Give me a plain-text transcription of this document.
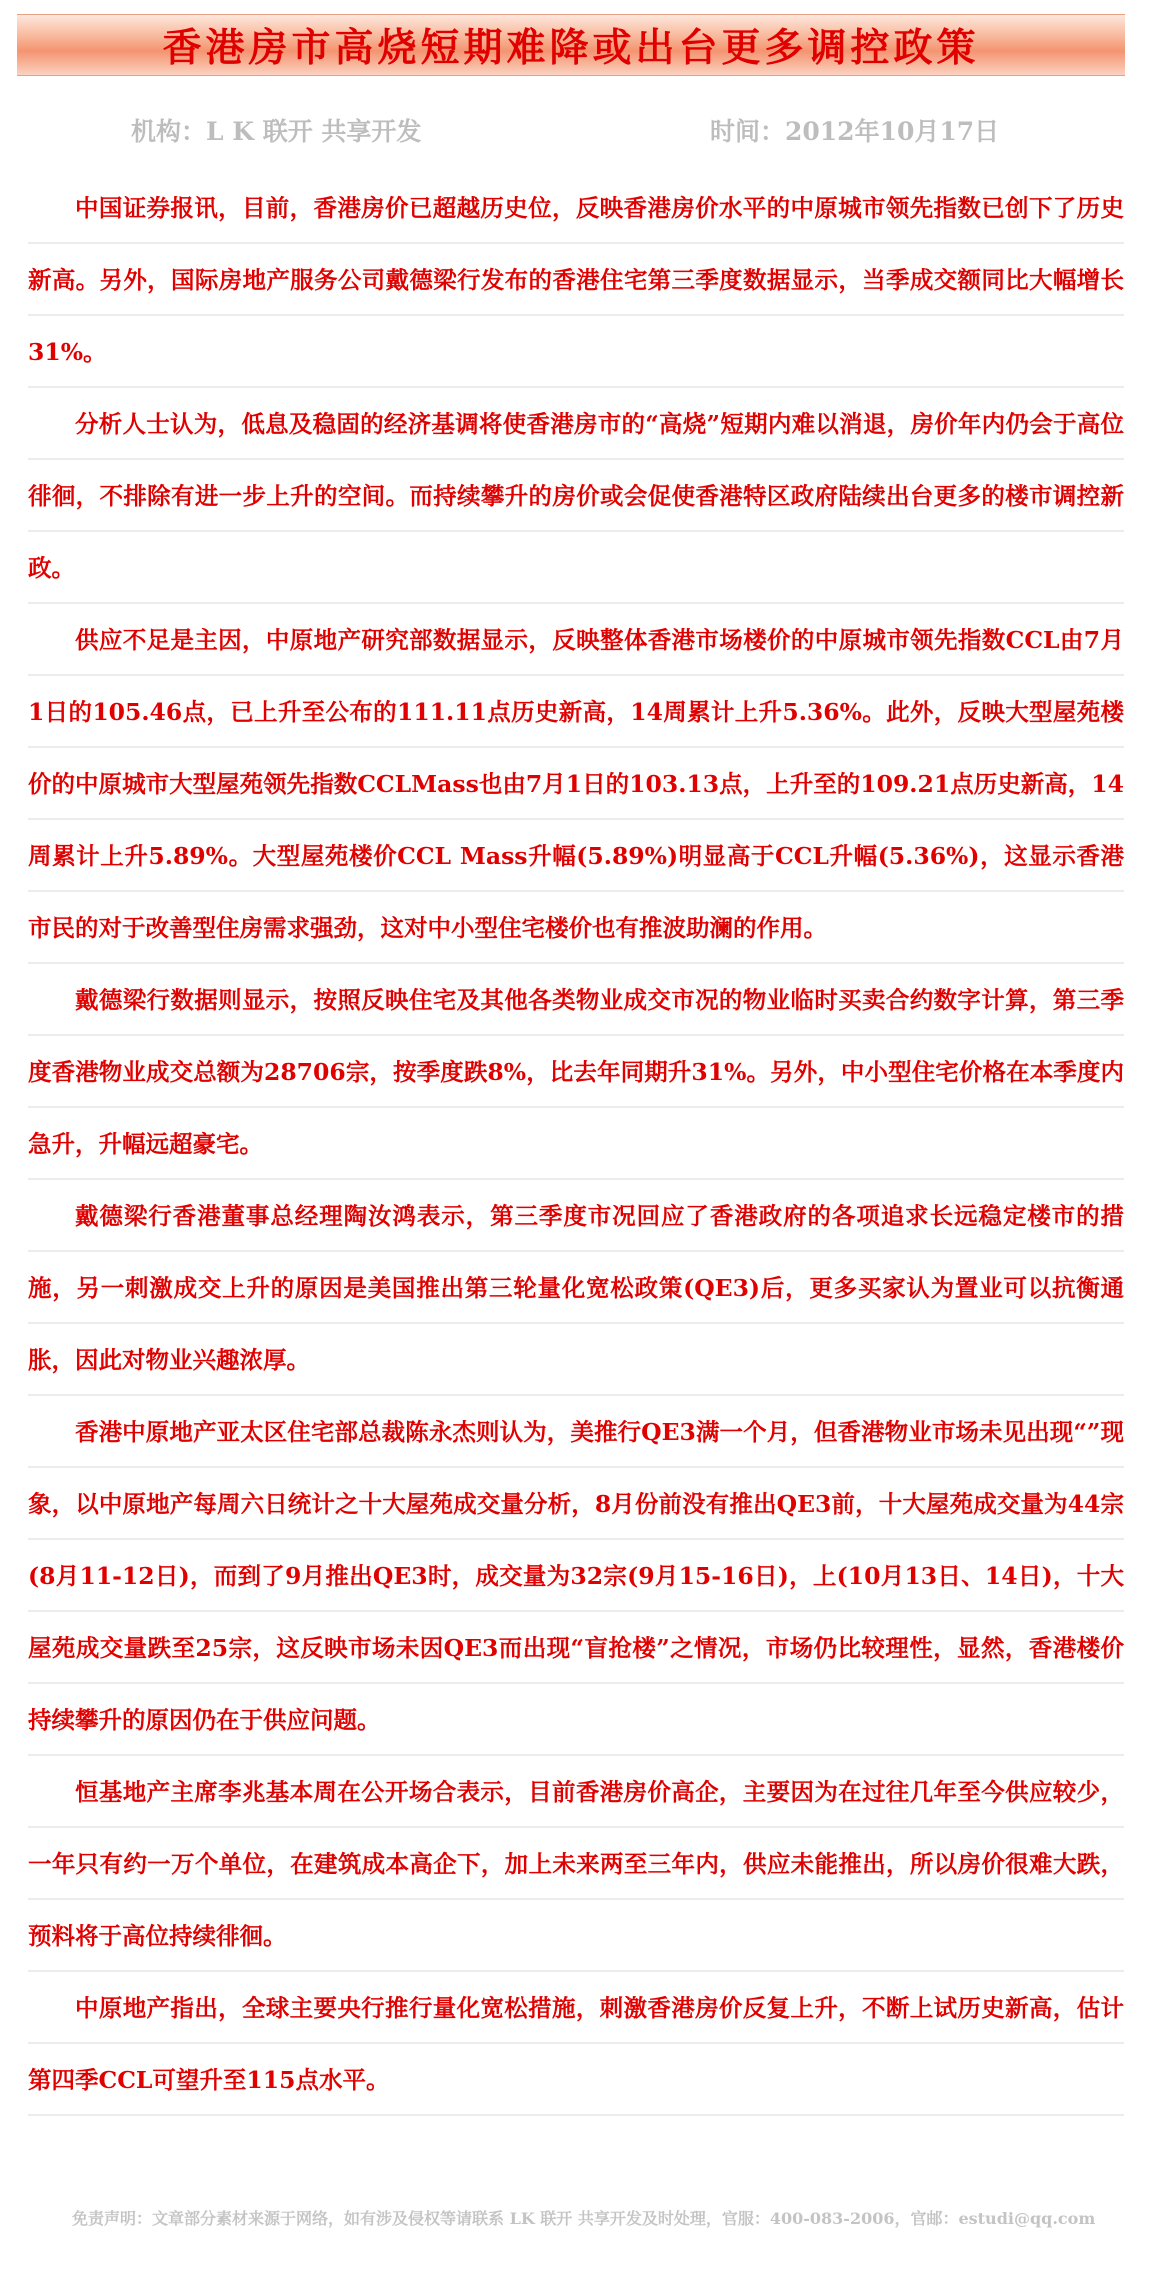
香港房市高烧短期难降或出台更多调控政策
机构：L K 联开 共享开发	时间：2012年10月17日

中国证券报讯，目前，香港房价已超越历史位，反映香港房价水平的中原城市领先指数已创下了历史新高。另外，国际房地产服务公司戴德梁行发布的香港住宅第三季度数据显示，当季成交额同比大幅增长31%。

分析人士认为，低息及稳固的经济基调将使香港房市的“高烧”短期内难以消退，房价年内仍会于高位徘徊，不排除有进一步上升的空间。而持续攀升的房价或会促使香港特区政府陆续出台更多的楼市调控新政。

供应不足是主因，中原地产研究部数据显示，反映整体香港市场楼价的中原城市领先指数CCL由7月1日的105.46点，已上升至公布的111.11点历史新高，14周累计上升5.36%。此外，反映大型屋苑楼价的中原城市大型屋苑领先指数CCLMass也由7月1日的103.13点，上升至的109.21点历史新高，14周累计上升5.89%。大型屋苑楼价CCL Mass升幅(5.89%)明显高于CCL升幅(5.36%)，这显示香港市民的对于改善型住房需求强劲，这对中小型住宅楼价也有推波助澜的作用。

戴德梁行数据则显示，按照反映住宅及其他各类物业成交市况的物业临时买卖合约数字计算，第三季度香港物业成交总额为28706宗，按季度跌8%，比去年同期升31%。另外，中小型住宅价格在本季度内急升，升幅远超豪宅。

戴德梁行香港董事总经理陶汝鸿表示，第三季度市况回应了香港政府的各项追求长远稳定楼市的措施，另一刺激成交上升的原因是美国推出第三轮量化宽松政策(QE3)后，更多买家认为置业可以抗衡通胀，因此对物业兴趣浓厚。

香港中原地产亚太区住宅部总裁陈永杰则认为，美推行QE3满一个月，但香港物业市场未见出现“”现象，以中原地产每周六日统计之十大屋苑成交量分析，8月份前没有推出QE3前，十大屋苑成交量为44宗(8月11-12日)，而到了9月推出QE3时，成交量为32宗(9月15-16日)，上(10月13日、14日)，十大屋苑成交量跌至25宗，这反映市场未因QE3而出现“盲抢楼”之情况，市场仍比较理性，显然，香港楼价持续攀升的原因仍在于供应问题。

恒基地产主席李兆基本周在公开场合表示，目前香港房价高企，主要因为在过往几年至今供应较少，一年只有约一万个单位，在建筑成本高企下，加上未来两至三年内，供应未能推出，所以房价很难大跌，预料将于高位持续徘徊。

中原地产指出，全球主要央行推行量化宽松措施，刺激香港房价反复上升，不断上试历史新高，估计第四季CCL可望升至115点水平。

免责声明：文章部分素材来源于网络，如有涉及侵权等请联系 LK 联开 共享开发及时处理，官服：400-083-2006，官邮：estudi@qq.com
